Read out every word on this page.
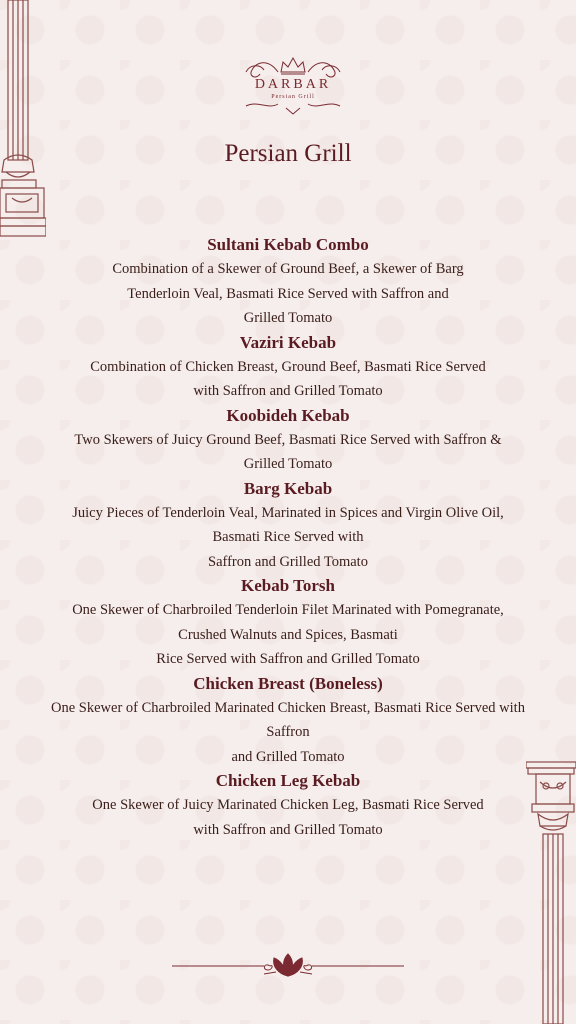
DARBAR
Persian Grill
Persian Grill

Sultani Kebab Combo

Combination of a Skewer of Ground Beef, a Skewer of Barg
Tenderloin Veal, Basmati Rice Served with Saffron and
Grilled Tomato

Vaziri Kebab

Combination of Chicken Breast, Ground Beef, Basmati Rice Served
with Saffron and Grilled Tomato

Koobideh Kebab

Two Skewers of Juicy Ground Beef, Basmati Rice Served with Saffron &
Grilled Tomato

Barg Kebab

Juicy Pieces of Tenderloin Veal, Marinated in Spices and Virgin Olive Oil,
Basmati Rice Served with
Saffron and Grilled Tomato

Kebab Torsh

One Skewer of Charbroiled Tenderloin Filet Marinated with Pomegranate,
Crushed Walnuts and Spices, Basmati
Rice Served with Saffron and Grilled Tomato

Chicken Breast (Boneless)

One Skewer of Charbroiled Marinated Chicken Breast, Basmati Rice Served with
Saffron
and Grilled Tomato

Chicken Leg Kebab

One Skewer of Juicy Marinated Chicken Leg, Basmati Rice Served
with Saffron and Grilled Tomato
